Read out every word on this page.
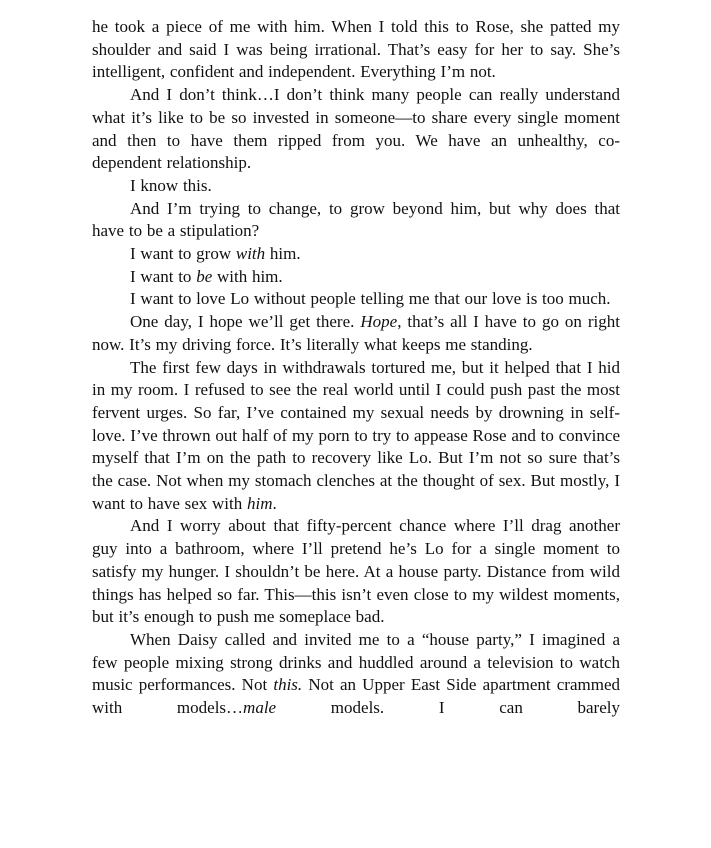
he took a piece of me with him. When I told this to Rose, she patted my shoulder and said I was being irrational. That’s easy for her to say. She’s intelligent, confident and independent. Everything I’m not.

And I don’t think…I don’t think many people can really understand what it’s like to be so invested in someone—to share every single moment and then to have them ripped from you. We have an unhealthy, co-dependent relationship.

I know this.

And I’m trying to change, to grow beyond him, but why does that have to be a stipulation?

I want to grow with him.

I want to be with him.

I want to love Lo without people telling me that our love is too much.

One day, I hope we’ll get there. Hope, that’s all I have to go on right now. It’s my driving force. It’s literally what keeps me standing.

The first few days in withdrawals tortured me, but it helped that I hid in my room. I refused to see the real world until I could push past the most fervent urges. So far, I’ve contained my sexual needs by drowning in self-love. I’ve thrown out half of my porn to try to appease Rose and to convince myself that I’m on the path to recovery like Lo. But I’m not so sure that’s the case. Not when my stomach clenches at the thought of sex. But mostly, I want to have sex with him.

And I worry about that fifty-percent chance where I’ll drag another guy into a bathroom, where I’ll pretend he’s Lo for a single moment to satisfy my hunger. I shouldn’t be here. At a house party. Distance from wild things has helped so far. This—this isn’t even close to my wildest moments, but it’s enough to push me someplace bad.

When Daisy called and invited me to a “house party,” I imagined a few people mixing strong drinks and huddled around a television to watch music performances. Not this. Not an Upper East Side apartment crammed with models…male models. I can barely
